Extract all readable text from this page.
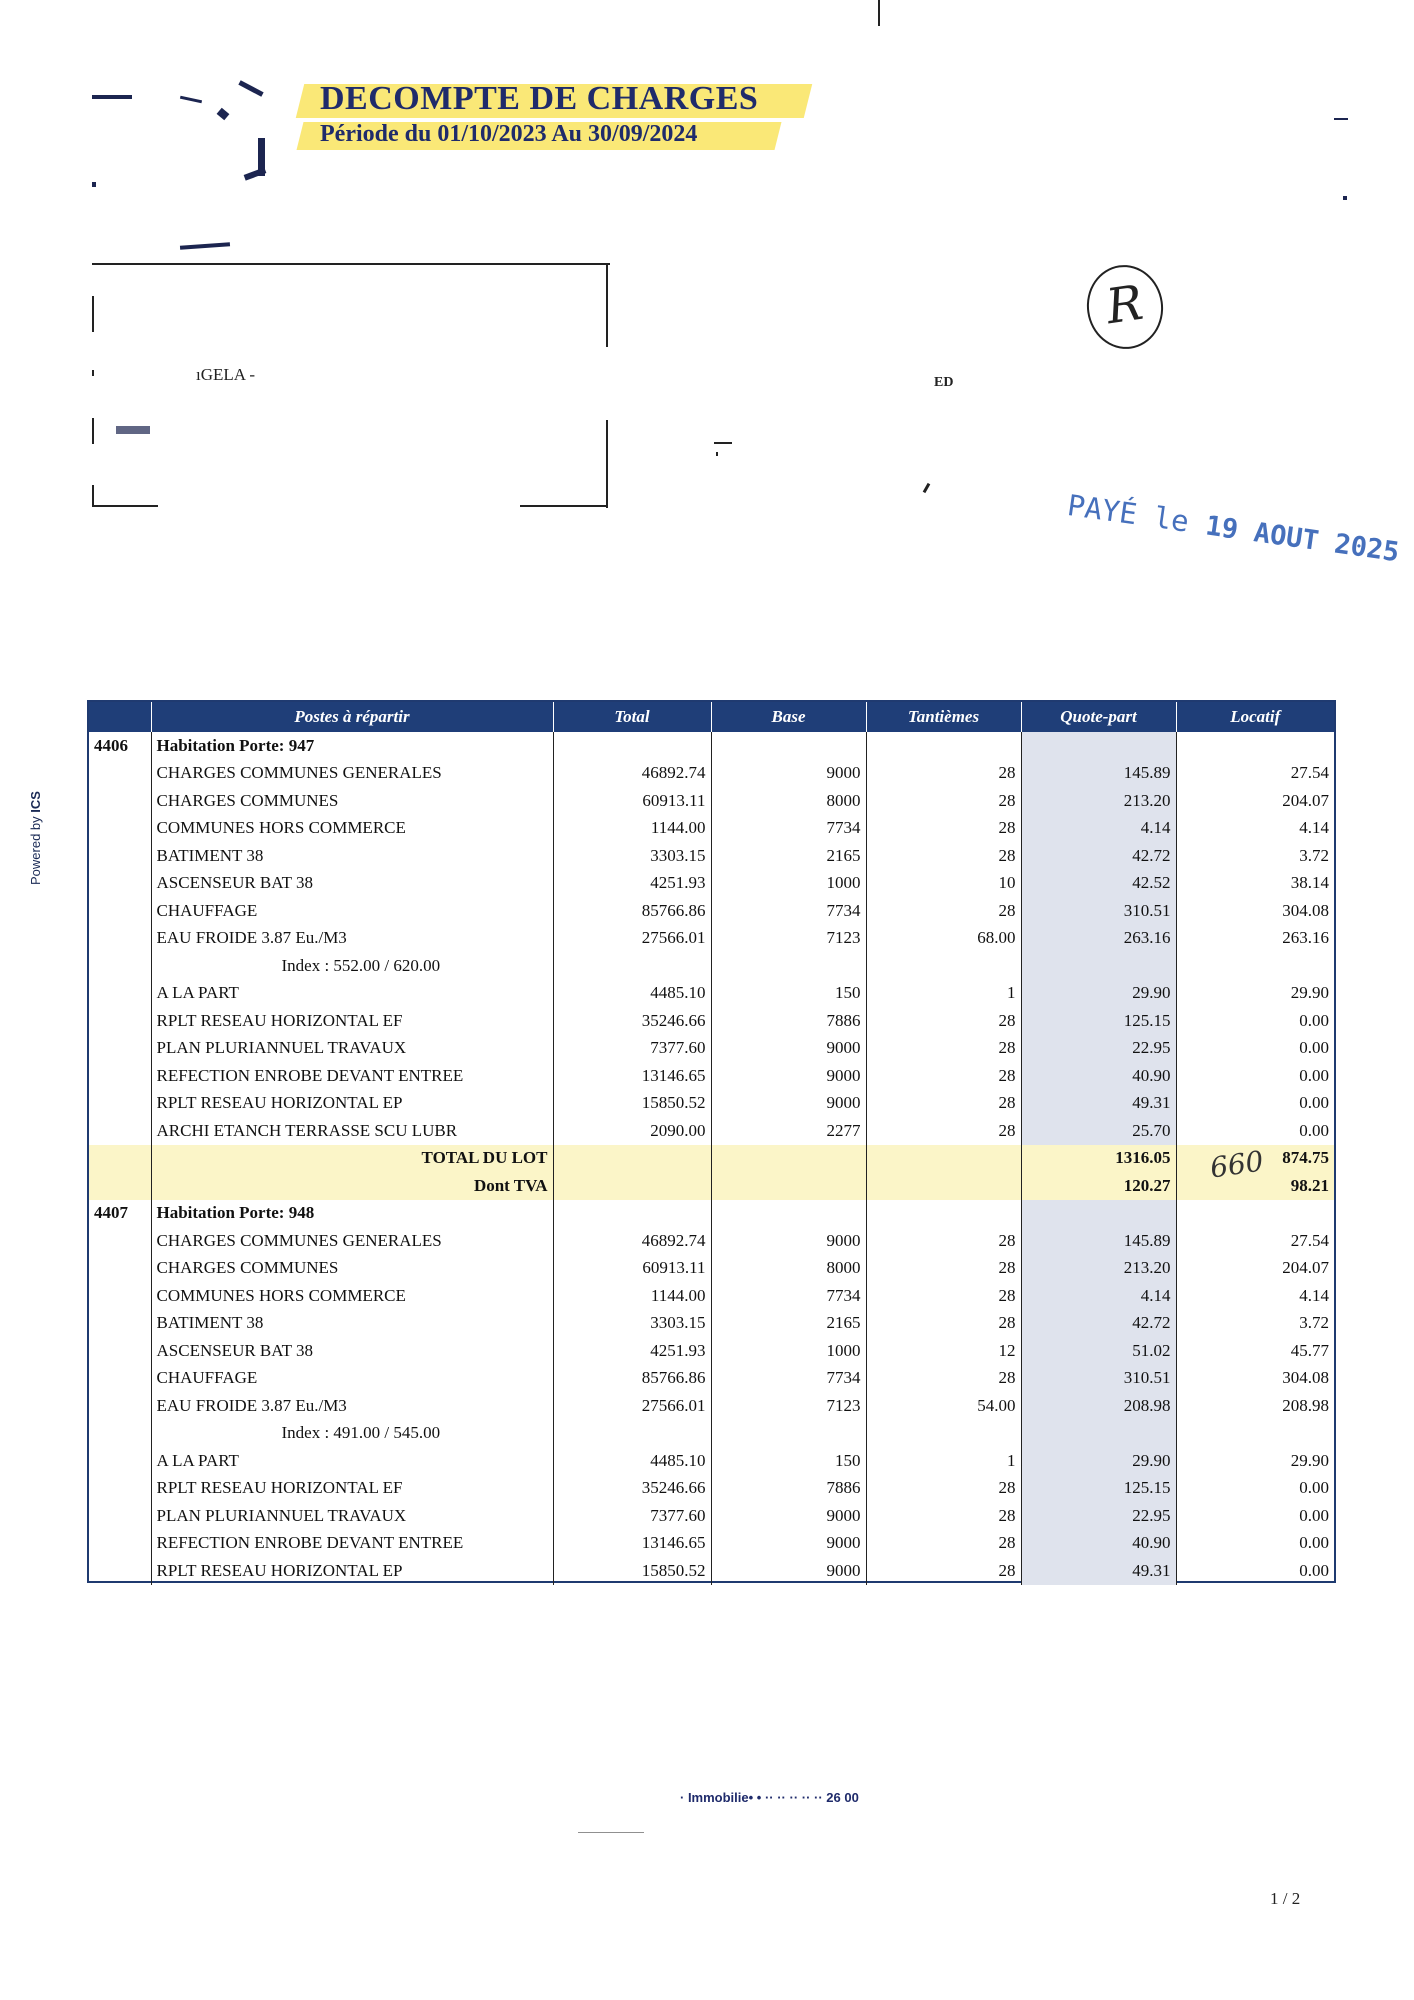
DECOMPTE DE CHARGES
Période du 01/10/2023 Au 30/09/2024
ıGELA -	ED
R
PAYÉ le 19 AOUT 2025
Powered by ICS
	Postes à répartir	Total	Base	Tantièmes	Quote-part	Locatif
4406	Habitation Porte: 947					
	CHARGES COMMUNES GENERALES	46892.74	9000	28	145.89	27.54
	CHARGES COMMUNES	60913.11	8000	28	213.20	204.07
	COMMUNES HORS COMMERCE	1144.00	7734	28	4.14	4.14
	BATIMENT 38	3303.15	2165	28	42.72	3.72
	ASCENSEUR BAT 38	4251.93	1000	10	42.52	38.14
	CHAUFFAGE	85766.86	7734	28	310.51	304.08
	EAU FROIDE 3.87 Eu./M3	27566.01	7123	68.00	263.16	263.16
	Index : 552.00 / 620.00					
	A LA PART	4485.10	150	1	29.90	29.90
	RPLT RESEAU HORIZONTAL EF	35246.66	7886	28	125.15	0.00
	PLAN PLURIANNUEL TRAVAUX	7377.60	9000	28	22.95	0.00
	REFECTION ENROBE DEVANT ENTREE	13146.65	9000	28	40.90	0.00
	RPLT RESEAU HORIZONTAL EP	15850.52	9000	28	49.31	0.00
	ARCHI ETANCH TERRASSE SCU LUBR	2090.00	2277	28	25.70	0.00
	TOTAL DU LOT				1316.05	874.75
	Dont TVA				120.27	98.21
4407	Habitation Porte: 948					
	CHARGES COMMUNES GENERALES	46892.74	9000	28	145.89	27.54
	CHARGES COMMUNES	60913.11	8000	28	213.20	204.07
	COMMUNES HORS COMMERCE	1144.00	7734	28	4.14	4.14
	BATIMENT 38	3303.15	2165	28	42.72	3.72
	ASCENSEUR BAT 38	4251.93	1000	12	51.02	45.77
	CHAUFFAGE	85766.86	7734	28	310.51	304.08
	EAU FROIDE 3.87 Eu./M3	27566.01	7123	54.00	208.98	208.98
	Index : 491.00 / 545.00					
	A LA PART	4485.10	150	1	29.90	29.90
	RPLT RESEAU HORIZONTAL EF	35246.66	7886	28	125.15	0.00
	PLAN PLURIANNUEL TRAVAUX	7377.60	9000	28	22.95	0.00
	REFECTION ENROBE DEVANT ENTREE	13146.65	9000	28	40.90	0.00
	RPLT RESEAU HORIZONTAL EP	15850.52	9000	28	49.31	0.00
660
· Immobilie• • ·· ·· ·· ·· ·· 26 00
1 / 2
